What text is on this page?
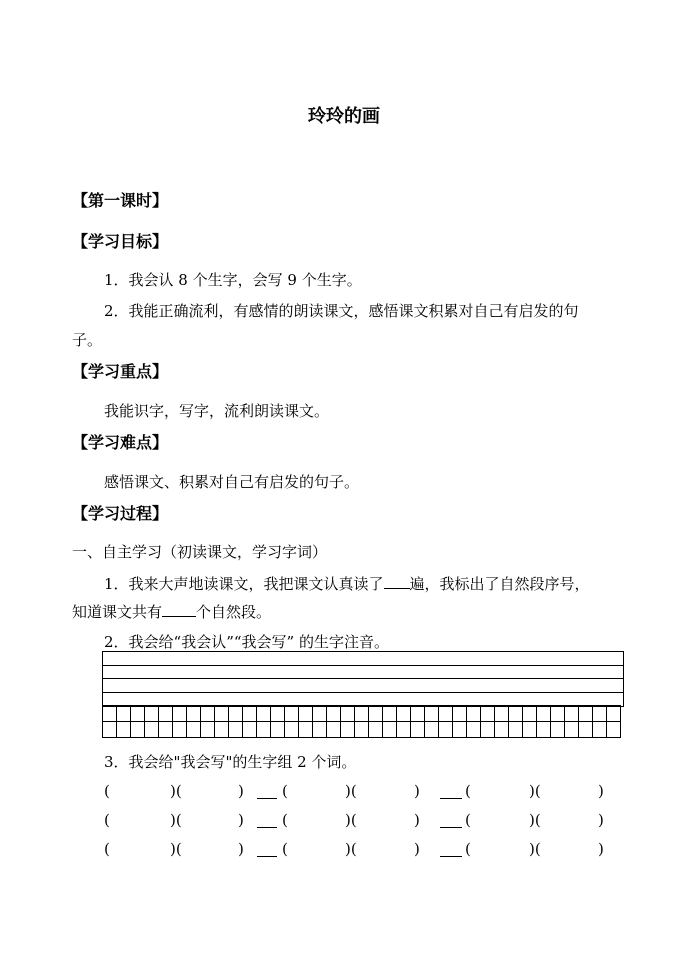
玲玲的画
【第一课时】
【学习目标】
1．我会认 8 个生字，会写 9 个生字。
2．我能正确流利，有感情的朗读课文，感悟课文积累对自己有启发的句
子。
【学习重点】
我能识字，写字，流利朗读课文。
【学习难点】
感悟课文、积累对自己有启发的句子。
【学习过程】
一、自主学习（初读课文，学习字词）
1．我来大声地读课文，我把课文认真读了 遍，我标出了自然段序号，
知道课文共有 个自然段。
2．我会给“我会认”“我会写” 的生字注音。

3．我会给"我会写"的生字组 2 个词。
(	)(	)	(	)(	)	(	)(	)
(	)(	)	(	)(	)	(	)(	)
(	)(	)	(	)(	)	(	)(	)
